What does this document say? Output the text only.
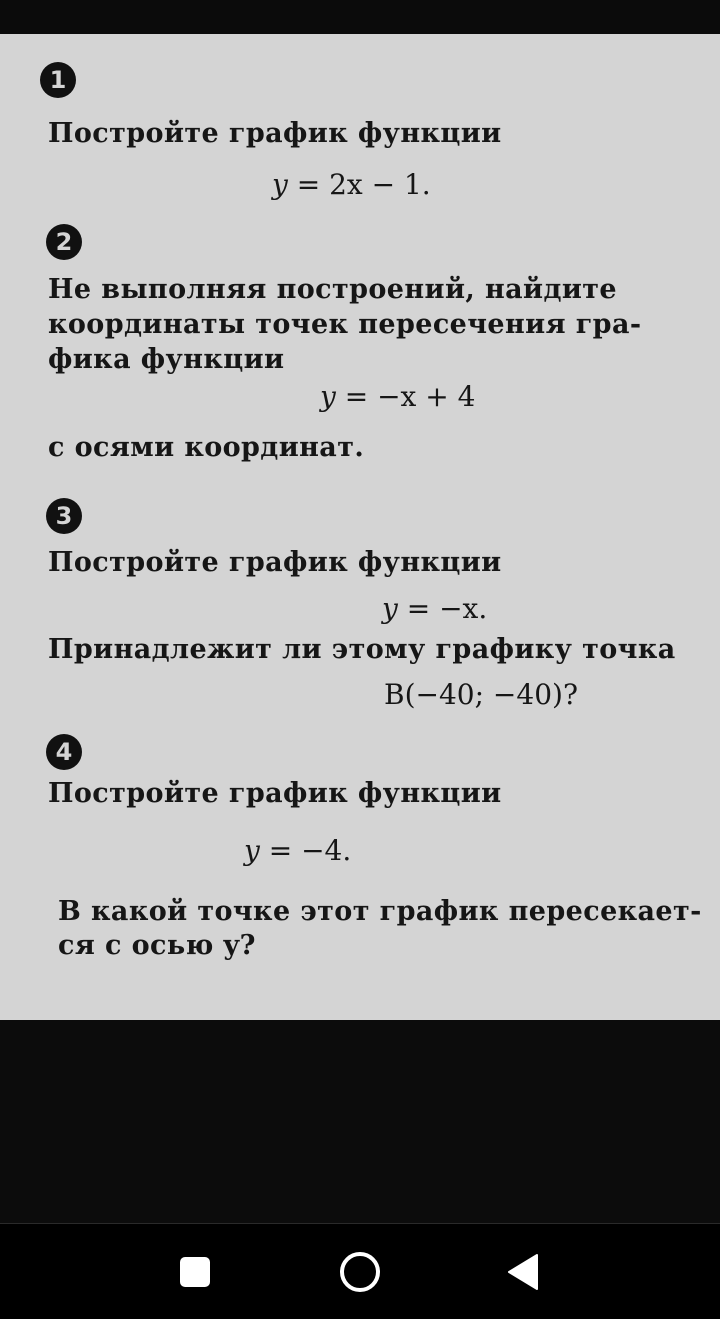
1
Постройте график функции
y = 2x − 1.
2
Не выполняя построений, найдите
координаты точек пересечения гра-
фика функции
y = −x + 4
с осями координат.
3
Постройте график функции
y = −x.
Принадлежит ли этому графику точка
B(−40; −40)?
4
Постройте график функции
y = −4.
В какой точке этот график пересекает-
ся с осью y?
